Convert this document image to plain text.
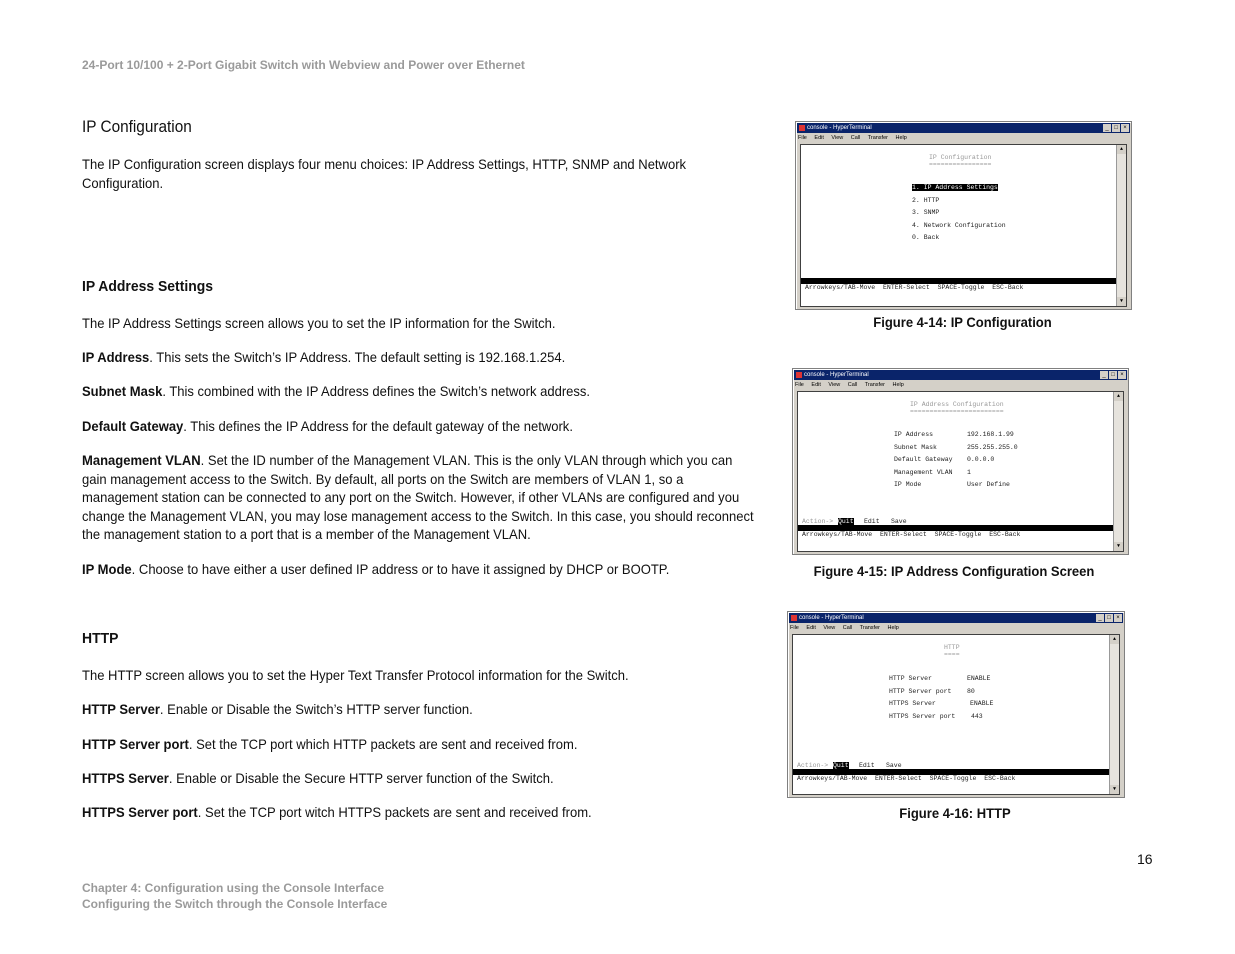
24-Port 10/100 + 2-Port Gigabit Switch with Webview and Power over Ethernet
IP Configuration
The IP Configuration screen displays four menu choices: IP Address Settings, HTTP, SNMP and Network Configuration.
IP Address Settings
The IP Address Settings screen allows you to set the IP information for the Switch.
IP Address. This sets the Switch’s IP Address. The default setting is 192.168.1.254.
Subnet Mask. This combined with the IP Address defines the Switch’s network address.
Default Gateway. This defines the IP Address for the default gateway of the network.
Management VLAN. Set the ID number of the Management VLAN. This is the only VLAN through which you can gain management access to the Switch. By default, all ports on the Switch are members of VLAN 1, so a management station can be connected to any port on the Switch. However, if other VLANs are configured and you change the Management VLAN, you may lose management access to the Switch. In this case, you should reconnect the management station to a port that is a member of the Management VLAN.
IP Mode. Choose to have either a user defined IP address or to have it assigned by DHCP or BOOTP.
HTTP
The HTTP screen allows you to set the Hyper Text Transfer Protocol information for the Switch.
HTTP Server. Enable or Disable the Switch’s HTTP server function.
HTTP Server port. Set the TCP port which HTTP packets are sent and received from.
HTTPS Server. Enable or Disable the Secure HTTP server function of the Switch.
HTTPS Server port. Set the TCP port witch HTTPS packets are sent and received from.
console - HyperTerminal	_ □ ×
File Edit View Call Transfer Help
IP Configuration
================
1. IP Address Settings
2. HTTP
3. SNMP
4. Network Configuration
0. Back
Arrowkeys/TAB-Move  ENTER-Select  SPACE-Toggle  ESC-Back
▲
▼
Figure 4-14: IP Configuration
console - HyperTerminal	_ □ ×
File Edit View Call Transfer Help
IP Address Configuration
========================
IP Address	192.168.1.99
Subnet Mask	255.255.255.0
Default Gateway 0.0.0.0
Management VLAN 1
IP Mode	User Define
Action-> Quit Edit Save
Arrowkeys/TAB-Move  ENTER-Select  SPACE-Toggle  ESC-Back
▲
▼
Figure 4-15: IP Address Configuration Screen
console - HyperTerminal	_ □ ×
File Edit View Call Transfer Help
HTTP
====
HTTP Server	ENABLE
HTTP Server port 80
HTTPS Server	ENABLE
HTTPS Server port 443
Action-> Quit Edit Save
Arrowkeys/TAB-Move  ENTER-Select  SPACE-Toggle  ESC-Back
▲
▼
Figure 4-16: HTTP
16
Chapter 4: Configuration using the Console Interface
Configuring the Switch through the Console Interface
